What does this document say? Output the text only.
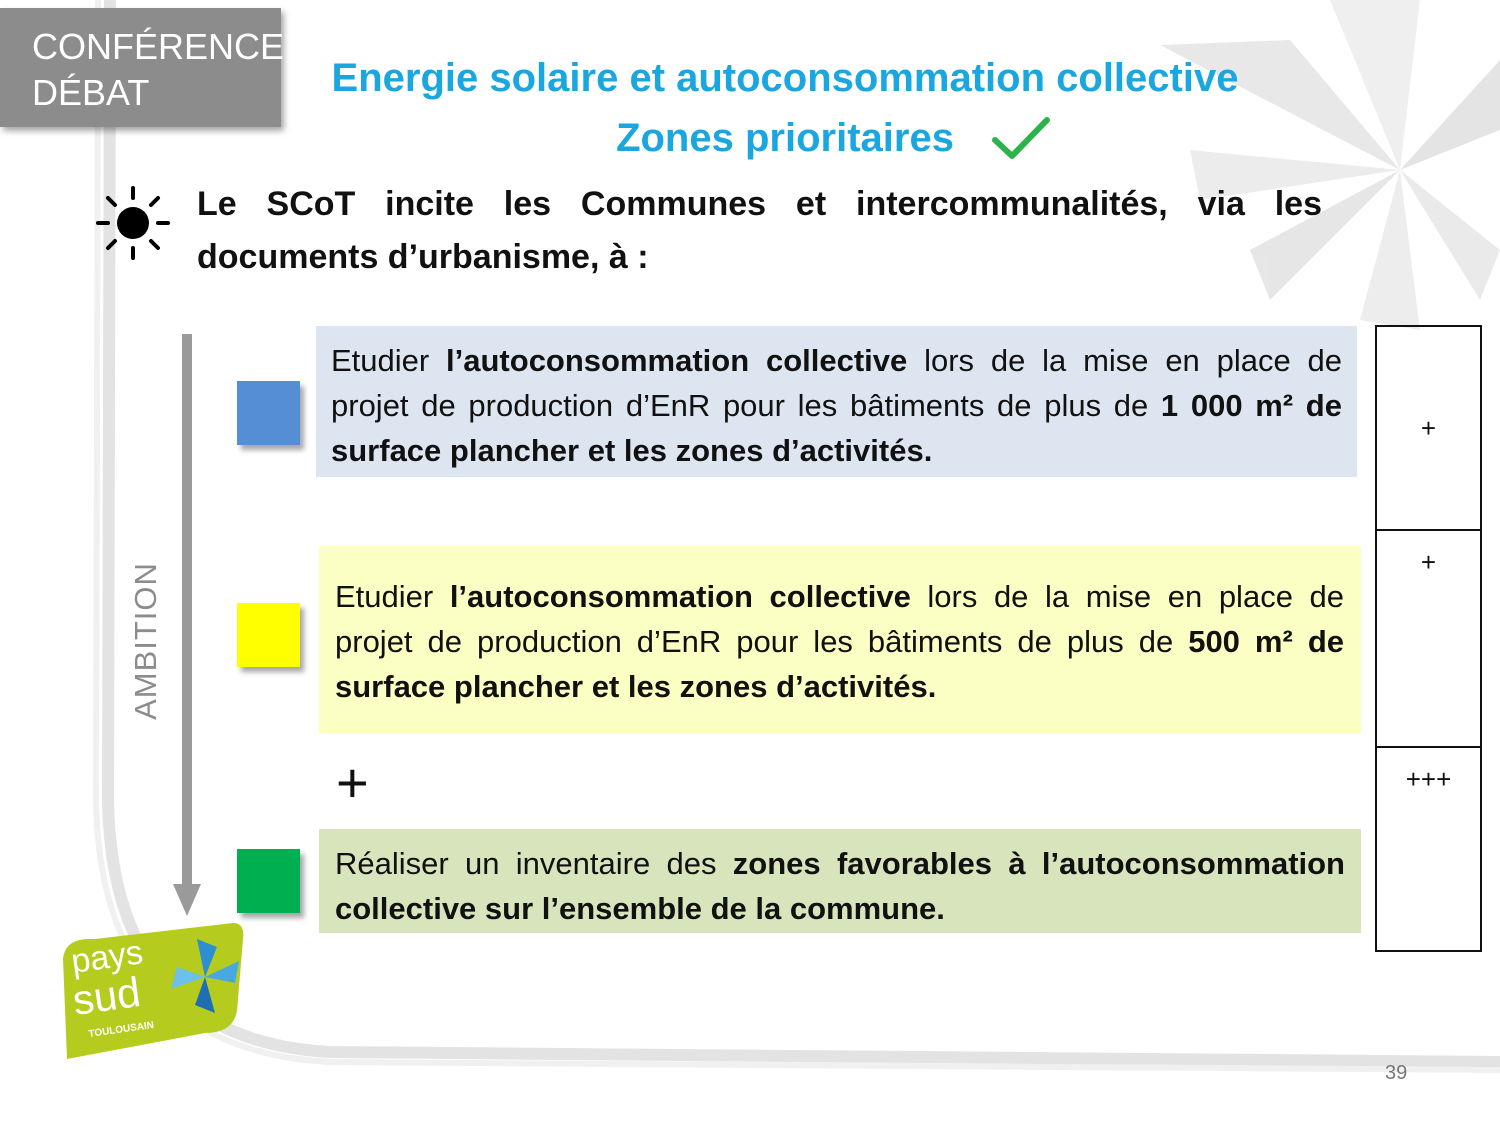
CONFÉRENCE
DÉBAT	Energie solaire et autoconsommation collective
Zones prioritaires
Le SCoT incite les Communes et intercommunalités, via les documents d’urbanisme, à :
AMBITION
Etudier l’autoconsommation collective lors de la mise en place de projet de production d’EnR pour les bâtiments de plus de 1 000 m² de surface plancher et les zones d’activités.
Etudier l’autoconsommation collective lors de la mise en place de projet de production d’EnR pour les bâtiments de plus de 500 m² de surface plancher et les zones d’activités.
+
Réaliser un inventaire des zones favorables à l’autoconsommation collective sur l’ensemble de la commune.
+
+
+++
pays
sud
TOULOUSAIN
39
